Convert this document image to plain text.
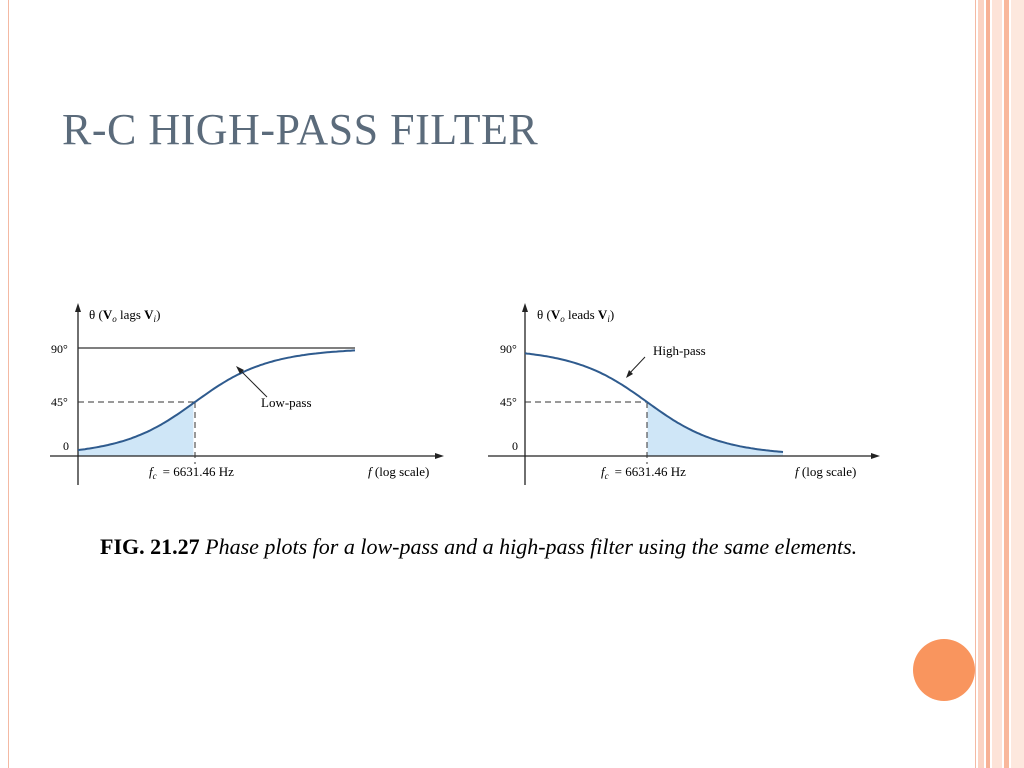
R-C HIGH-PASS FILTER
Low-pass
90°
45°
0
θ ($V_o$ lags $V_i$)
$f_c = 6631.46$ Hz	f (log scale)
High-pass
90°
45°
0
θ ($V_o$ leads $V_i$)
$f_c = 6631.46$ Hz	f (log scale)
FIG. 21.27 Phase plots for a low-pass and a high-pass filter using the same elements.
